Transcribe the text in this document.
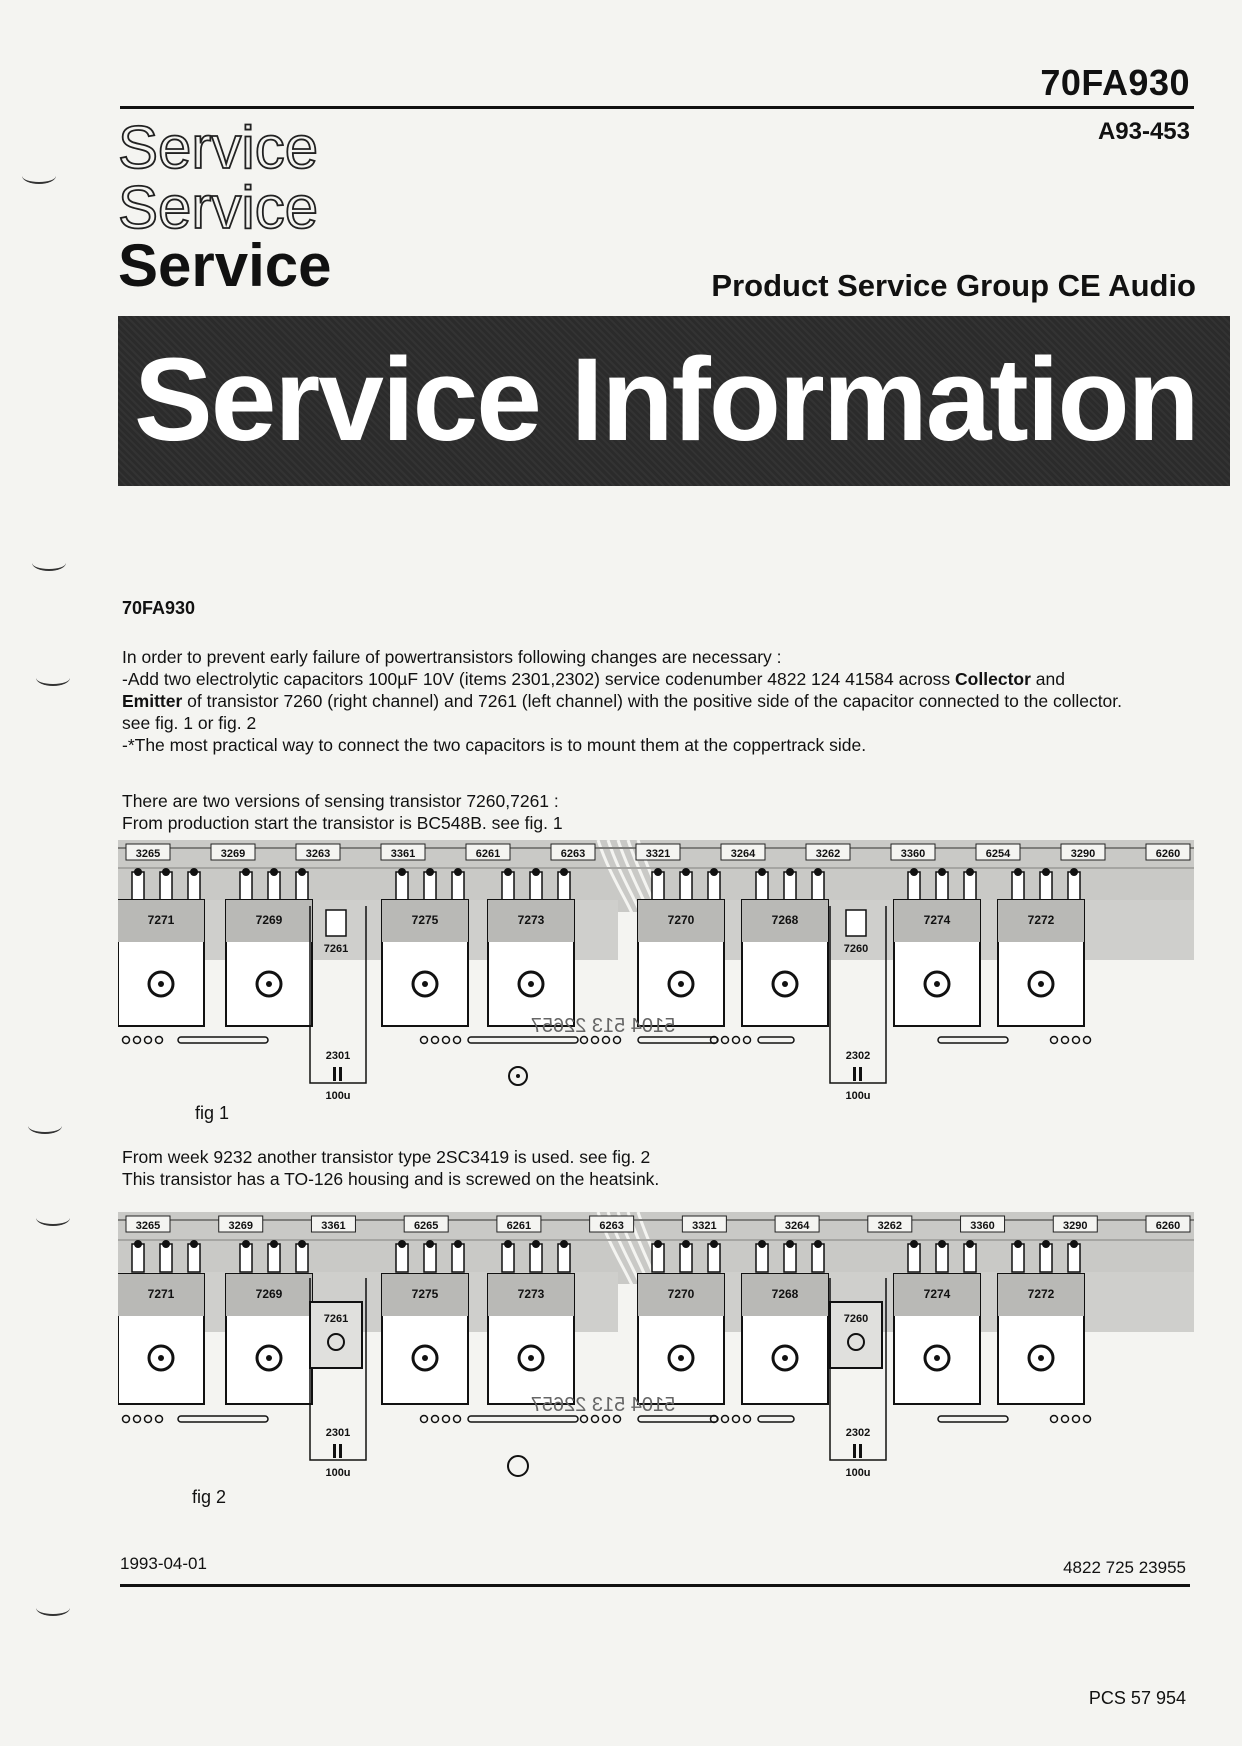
70FA930
A93-453
Service
Service
Service	Product Service Group CE Audio
Service Information
70FA930

In order to prevent early failure of powertransistors following changes are necessary :

-Add two electrolytic capacitors 100µF 10V (items 2301,2302) service codenumber 4822 124 41584 across Collector and
Emitter of transistor 7260 (right channel) and 7261 (left channel) with the positive side of the capacitor connected to the collector. see fig. 1 or fig. 2

-*The most practical way to connect the two capacitors is to mount them at the coppertrack side.

There are two versions of sensing transistor 7260,7261 :

From production start the transistor is BC548B. see fig. 1

From week 9232 another transistor type 2SC3419 is used. see fig. 2

This transistor has a TO-126 housing and is screwed on the heatsink.

3265	3269	3263	3361	6261	6263	3321	3264	3262	3360	6254	3290	6260
7271	7269	7275	7273	7270	7268	7274	7272
7261
2301
100u
7260
2302
100u
5104 513 22657
fig 1
3265	3269	3361	6265	6261	6263	3321	3264	3262	3360	3290	6260
7271	7269	7275	7273	7270	7268	7274	7272
7261
2301
100u
7260
2302
100u
5104 513 22657
fig 2
1993-04-01	4822 725 23955
PCS 57 954
